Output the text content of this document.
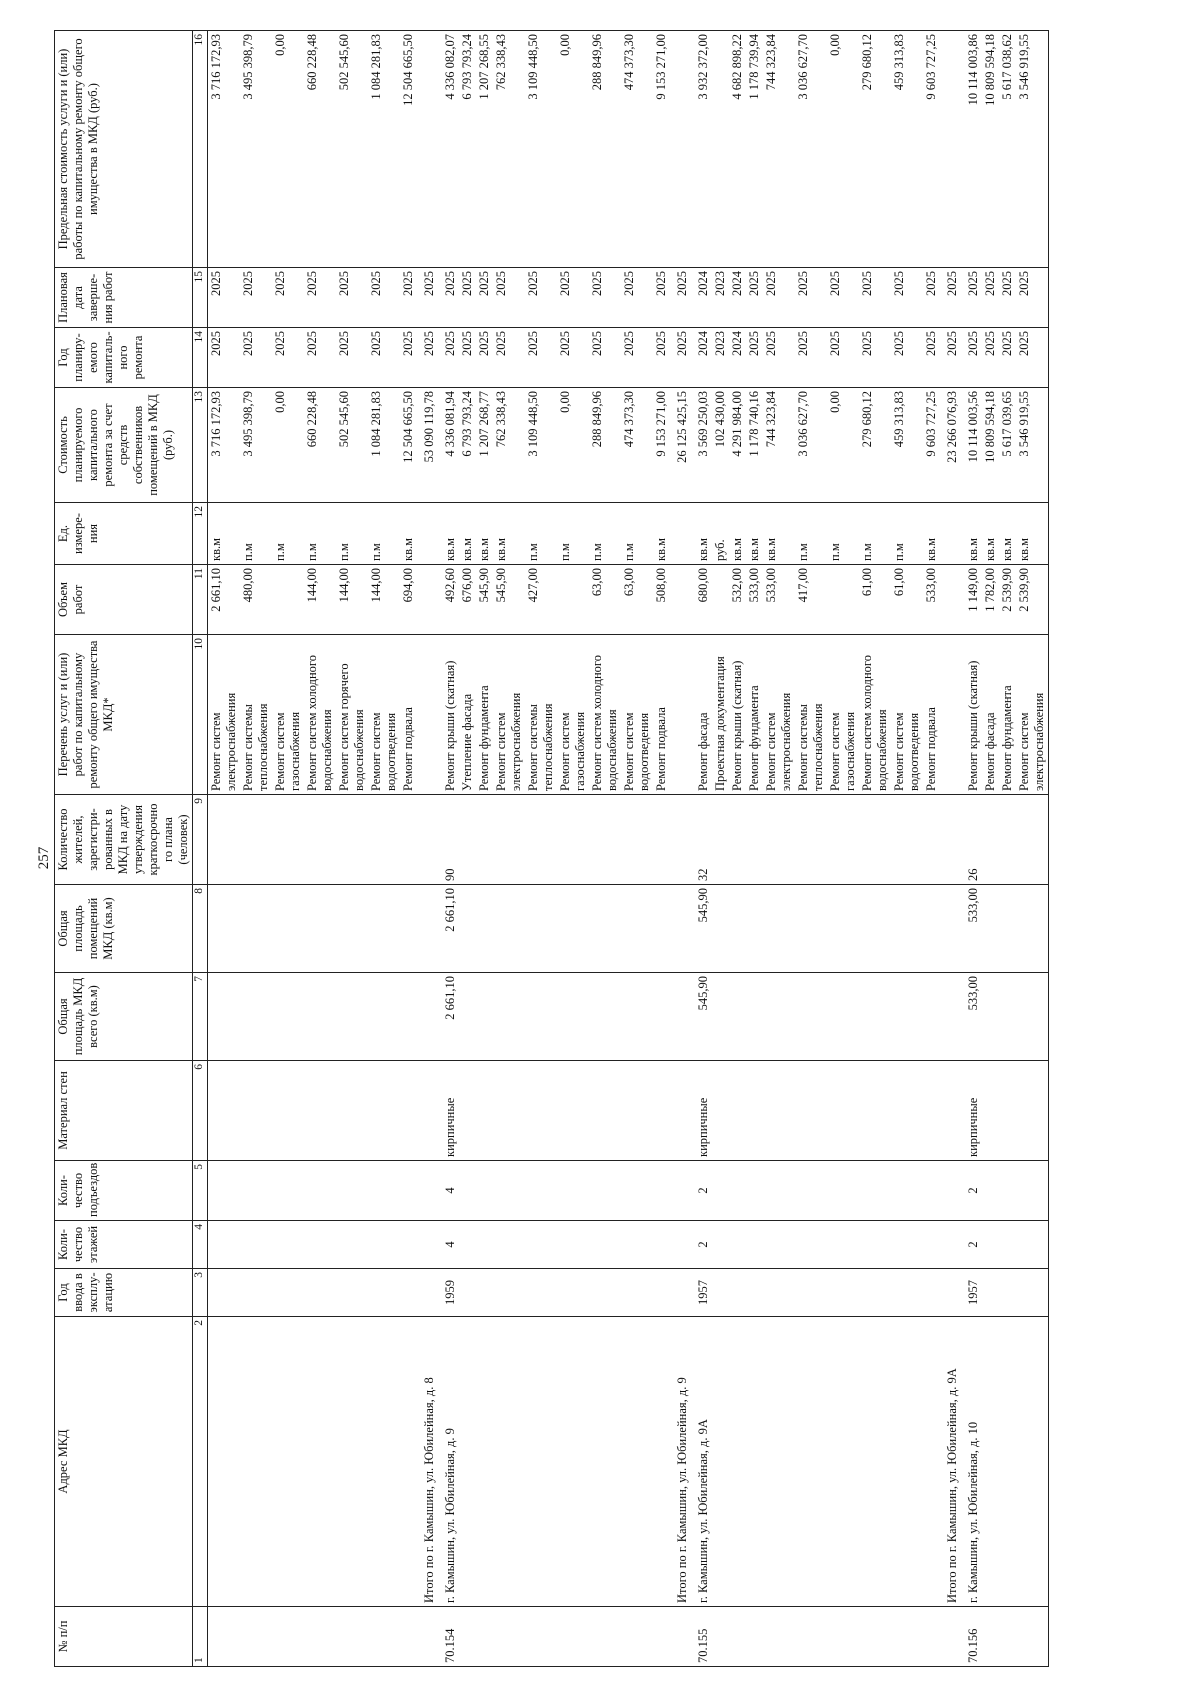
257
№ п/п	Адрес МКД	Год ввода в эксплу-атацию	Коли-чество этажей	Коли-чество подъездов	Материал стен	Общая площадь МКД всего (кв.м)	Общая площадь помещений МКД (кв.м)	Количество жителей, зарегистри-рованных в МКД на дату утверждения краткосрочно го плана (человек)	Перечень услуг и (или) работ по капитальному ремонту общего имущества МКД*	Объем работ	Ед. измере-ния	Стоимость планируемого капитального ремонта за счет средств собственников помещений в МКД (руб.)	Год планиру-емого капиталь-ного ремонта	Плановая дата заверше-ния работ	Предельная стоимость услуги и (или) работы по капитальному ремонту общего имущества в МКД (руб.)
1	2	3	4	5	6	7	8	9	10	11	12	13	14	15	16
									Ремонт систем электроснабжения	2 661,10	кв.м	3 716 172,93	2025	2025	3 716 172,93
									Ремонт системы теплоснабжения	480,00	п.м	3 495 398,79	2025	2025	3 495 398,79
									Ремонт систем газоснабжения		п.м	0,00	2025	2025	0,00
									Ремонт систем холодного водоснабжения	144,00	п.м	660 228,48	2025	2025	660 228,48
									Ремонт систем горячего водоснабжения	144,00	п.м	502 545,60	2025	2025	502 545,60
									Ремонт систем водоотведения	144,00	п.м	1 084 281,83	2025	2025	1 084 281,83
									Ремонт подвала	694,00	кв.м	12 504 665,50	2025	2025	12 504 665,50

	Итого по г. Камышин, ул. Юбилейная, д. 8											53 090 119,78	2025	2025	
70.154	г. Камышин, ул. Юбилейная, д. 9	1959	4	4	кирпичные	2 661,10	2 661,10	90	Ремонт крыши (скатная)	492,60	кв.м	4 336 081,94	2025	2025	4 336 082,07
									Утепление фасада	676,00	кв.м	6 793 793,24	2025	2025	6 793 793,24
									Ремонт фундамента	545,90	кв.м	1 207 268,77	2025	2025	1 207 268,55
									Ремонт систем электроснабжения	545,90	кв.м	762 338,43	2025	2025	762 338,43
									Ремонт системы теплоснабжения	427,00	п.м	3 109 448,50	2025	2025	3 109 448,50
									Ремонт систем газоснабжения		п.м	0,00	2025	2025	0,00
									Ремонт систем холодного водоснабжения	63,00	п.м	288 849,96	2025	2025	288 849,96
									Ремонт систем водоотведения	63,00	п.м	474 373,30	2025	2025	474 373,30
									Ремонт подвала	508,00	кв.м	9 153 271,00	2025	2025	9 153 271,00

	Итого по г. Камышин, ул. Юбилейная, д. 9											26 125 425,15	2025	2025	
70.155	г. Камышин, ул. Юбилейная, д. 9А	1957	2	2	кирпичные	545,90	545,90	32	Ремонт фасада	680,00	кв.м	3 569 250,03	2024	2024	3 932 372,00
									Проектная документация		руб.	102 430,00	2023	2023	
									Ремонт крыши (скатная)	532,00	кв.м	4 291 984,00	2024	2024	4 682 898,22
									Ремонт фундамента	533,00	кв.м	1 178 740,16	2025	2025	1 178 739,94
									Ремонт систем электроснабжения	533,00	кв.м	744 323,84	2025	2025	744 323,84
									Ремонт системы теплоснабжения	417,00	п.м	3 036 627,70	2025	2025	3 036 627,70
									Ремонт систем газоснабжения		п.м	0,00	2025	2025	0,00
									Ремонт систем холодного водоснабжения	61,00	п.м	279 680,12	2025	2025	279 680,12
									Ремонт систем водоотведения	61,00	п.м	459 313,83	2025	2025	459 313,83
									Ремонт подвала	533,00	кв.м	9 603 727,25	2025	2025	9 603 727,25

	Итого по г. Камышин, ул. Юбилейная, д. 9А											23 266 076,93	2025	2025	
70.156	г. Камышин, ул. Юбилейная, д. 10	1957	2	2	кирпичные	533,00	533,00	26	Ремонт крыши (скатная)	1 149,00	кв.м	10 114 003,56	2025	2025	10 114 003,86
									Ремонт фасада	1 782,00	кв.м	10 809 594,18	2025	2025	10 809 594,18
									Ремонт фундамента	2 539,90	кв.м	5 617 039,65	2025	2025	5 617 038,62
									Ремонт систем электроснабжения	2 539,90	кв.м	3 546 919,55	2025	2025	3 546 919,55
